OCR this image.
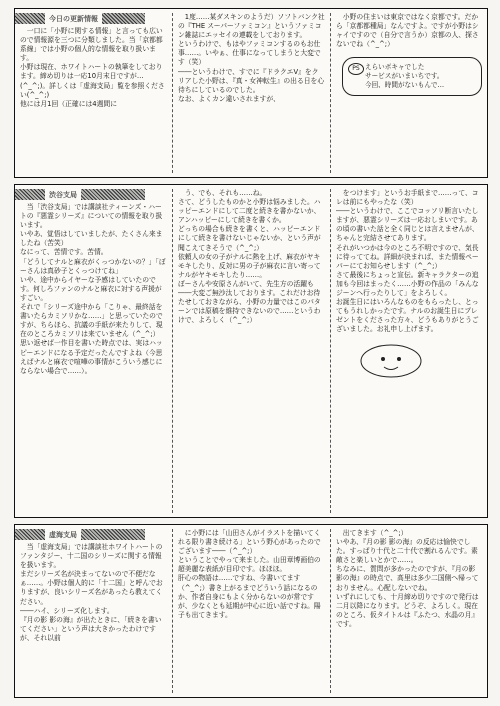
今日の更新情報

一口に「小野に関する情報」と言っても広いので情報源を三つに分類しました。当「京都都系線」では小野の個人的な情報を取り扱います。
小野は現在、ホワイトハートの執筆をしております。締め切りは一応10月末日ですが…(^_^;)。詳しくは「虚海支局」覧を参照ください(^_^;)
他には月1回（正確には4週間に

1度……某ダスキンのようだ）ソフトバンク社の『THE スーパーファミコン』というファミコン雑誌にエッセイの連載をしております。
というわけで、もはやファミコンするのもお仕事……。いやぁ、仕事になってしまうと大変です（笑）
――というわけで、すでに『ドラクエV』をクリアした小野は、『真・女神転生』の出る日を心待ちにしているのでした。
なお、よくカン違いされますが、

小野の住まいは東京ではなく京都です。だから「京都都種局」なんですよ。ですが小野はシャイですので（自分で言うか）京都の人、探さないでね（^_^;）

PS えらいボキャでした
サービスがいまいちです。
今回、時間がないもんで…
渋谷支局

当「渋谷支局」では講談社ティーンズ・ハートの『悪霊シリーズ』についての情報を取り扱います。
いやあ、覚悟はしていましたが、たくさん来ましたね（苦笑）
なにって、苦情です。苦情。
「どうしてナルと麻衣がくっつかないの？」「ぼーさんは真砂子とくっつけてね」
いや、途中からイヤーな予感はしていたのです。何しろファンのナルと麻衣に対する声援がすごい。
それで「シリーズ途中から「こりゃ、最終話を書いたらカミソリかな……」と思っていたのですが、ちらほら、抗議の手紙が来たりして、現在のところカミソリは来ていません（^_^;）
思い返せば一作目を書いた時点では、実はハッピーエンドになる予定だったんですよね（今思えばナルと麻衣で喧嘩の事情がこういう感じにならない場合で……）。

う、でも、それも……ね。
さて、どうしたものかと小野は悩みました。ハッピーエンドにして二度と続きを書かないか、アンハッピーにして続きを書くか。
どっちの場合も続きを書くと、ハッピーエンドにして続きを書けないじゃないか、という声が聞こえてきそうで（^_^;）
依頼人の女の子がナルに熱を上げ、麻衣がヤキモキしたり、反対に男の子が麻衣に言い寄ってナルがヤキモキしたり……。
ぼーさんや安原さんがいて、先生方の活躍も
――大変ご無沙汰しております。これだけお待たせしておきながら、小野の力量ではこのパターンでは原稿を維持できないので……というわけで、よろしく（^_^;）

をつけます」というお手紙まで……って、コレは前にもやったな（笑）
――というわけで、ここでコッソリ断言いたしますが、悪霊シリーズは一応おしまいです。あの頃の書いた話と全く同じとは言えませんが、ちゃんと完結させてあります。
それがいつかは今のところ不明ですので、気長に待っててね。詳細が決まれば、また情報ペーパーにてお知らせします（^_^;）
さて最後にちょっと宣伝。新キャラクターの追加も今回はまったく……小野の作品の「みんなジーンへ行ったりして」をよろしく。
お誕生日にはいろんなものをもらったし、とってもうれしかったです。ナルのお誕生日にプレゼントをくださった方々、どうもありがとうございました。お礼申し上げます。

虚海支局

当「虚海支局」では講談社ホワイトハートのファンタジー、十二国のシリーズに関する情報を扱います。
まだシリーズ名が決まってないので不便だなぁ……。小野は個人的に「十二国」と呼んでおりますが、良いシリーズ名があったら教えてください。
――ハイ、シリーズ化します。
『月の影 影の海』が出たときに、「続きを書いてください」という声は大きかったわけですが、それ以前

に小野には「山田さんがイラストを描いてくれる限り書き続ける」という野心があったのでございます――（^_^;）
ということでやって来ました。山田章博画伯の超美麗な表紙が目印です。ほほほ。
肝心の物語は……ですね、今書いてます（^_^;）書き上がるまでどういう話になるのか、作者自身にもよく分からないのが常ですが、少なくとも延期が中心に近い話ですね。陽子も出てきます。

出てきます（^_^;）
いやあ、『月の影 影の海』の反応は愉快でした。すっぱり十代と二十代で割れるんです。素敵さと楽しいとかで……。
ちなみに、質問が多かったのですが、『月の影 影の海』の時点で、高里は多少二国側へ帰っておりません。心配しないでね。
いずれにしても、十月締め切りですので発行は二月以降になります。どうぞ、よろしく。現在のところ、仮タイトルは『ふたつ、水晶の月』です。
